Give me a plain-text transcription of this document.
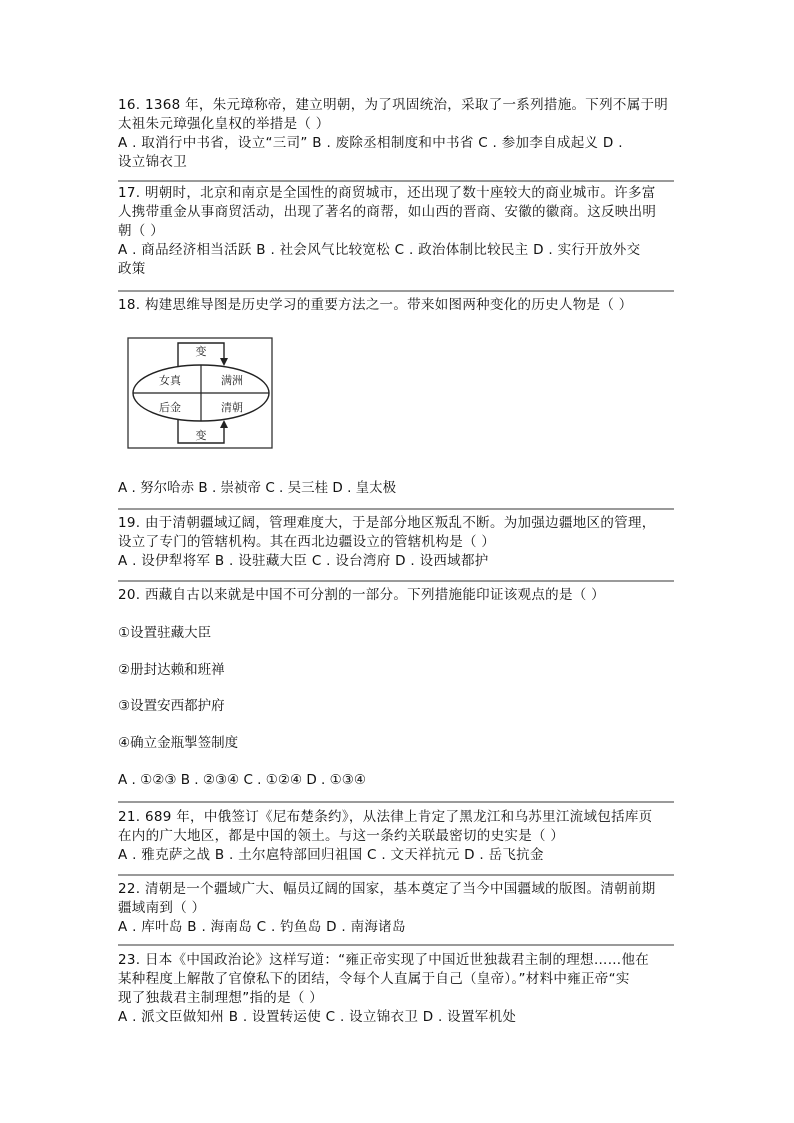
16. 1368 年，朱元璋称帝，建立明朝，为了巩固统治，采取了一系列措施。下列不属于明
太祖朱元璋强化皇权的举措是（ ）
A . 取消行中书省，设立“三司” B . 废除丞相制度和中书省 C . 参加李自成起义 D .
设立锦衣卫
17. 明朝时，北京和南京是全国性的商贸城市，还出现了数十座较大的商业城市。许多富
人携带重金从事商贸活动，出现了著名的商帮，如山西的晋商、安徽的徽商。这反映出明
朝（ ）
A . 商品经济相当活跃 B . 社会风气比较宽松 C . 政治体制比较民主 D . 实行开放外交
政策
18. 构建思维导图是历史学习的重要方法之一。带来如图两种变化的历史人物是（ ）
变
变
女真	满洲
后金	清朝
A . 努尔哈赤 B . 崇祯帝 C . 吴三桂 D . 皇太极
19. 由于清朝疆域辽阔，管理难度大，于是部分地区叛乱不断。为加强边疆地区的管理，
设立了专门的管辖机构。其在西北边疆设立的管辖机构是（ ）
A . 设伊犁将军 B . 设驻藏大臣 C . 设台湾府 D . 设西域都护
20. 西藏自古以来就是中国不可分割的一部分。下列措施能印证该观点的是（ ）
①设置驻藏大臣
②册封达赖和班禅
③设置安西都护府
④确立金瓶掣签制度
A . ①②③ B . ②③④ C . ①②④ D . ①③④
21. 689 年，中俄签订《尼布楚条约》，从法律上肯定了黑龙江和乌苏里江流域包括库页
在内的广大地区，都是中国的领土。与这一条约关联最密切的史实是（ ）
A . 雅克萨之战 B . 土尔扈特部回归祖国 C . 文天祥抗元 D . 岳飞抗金
22. 清朝是一个疆域广大、幅员辽阔的国家，基本奠定了当今中国疆域的版图。清朝前期
疆域南到（ ）
A . 库叶岛 B . 海南岛 C . 钓鱼岛 D . 南海诸岛
23. 日本《中国政治论》这样写道：“雍正帝实现了中国近世独裁君主制的理想……他在
某种程度上解散了官僚私下的团结，令每个人直属于自己（皇帝）。”材料中雍正帝“实
现了独裁君主制理想”指的是（ ）
A . 派文臣做知州 B . 设置转运使 C . 设立锦衣卫 D . 设置军机处
